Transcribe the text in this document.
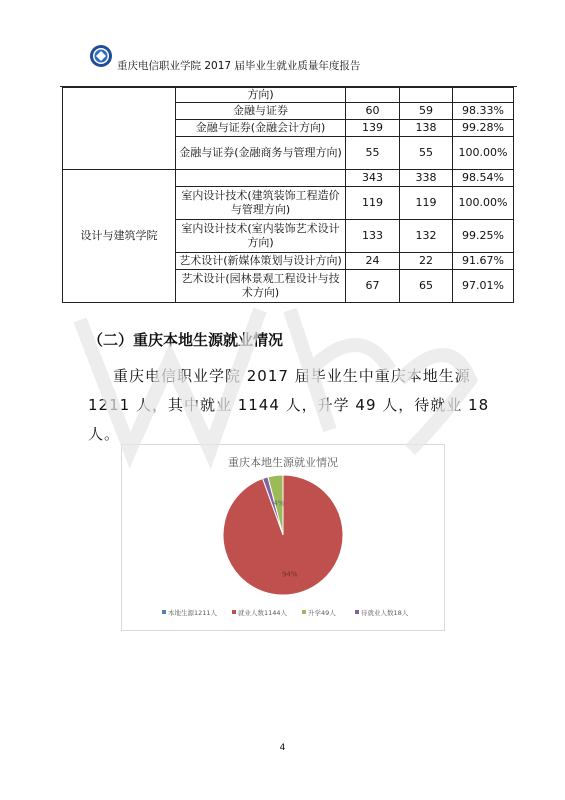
重庆电信职业学院 2017 届毕业生就业质量年度报告
	方向)			
	金融与证券	60	59	98.33%
	金融与证券(金融会计方向)	139	138	99.28%
	金融与证券(金融商务与管理方向)	55	55	100.00%
设计与建筑学院		343	338	98.54%
	室内设计技术(建筑装饰工程造价与管理方向)	119	119	100.00%
	室内设计技术(室内装饰艺术设计方向)	133	132	99.25%
	艺术设计(新媒体策划与设计方向)	24	22	91.67%
	艺术设计(园林景观工程设计与技术方向)	67	65	97.01%
（二）重庆本地生源就业情况
重庆电信职业学院 2017 届毕业生中重庆本地生源 1211 人，其中就业 1144 人，升学 49 人，待就业 18 人。
重庆本地生源就业情况
4%
94%
本地生源1211人	就业人数1144人	升学49人	待就业人数18人
4
